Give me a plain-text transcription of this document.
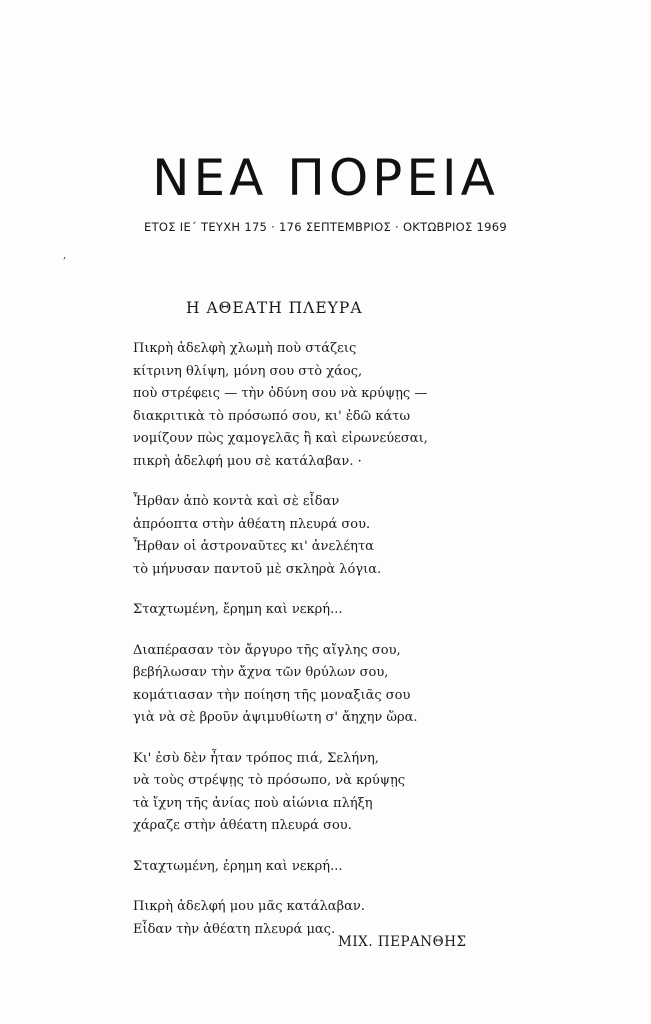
ΝΕΑ ΠΟΡΕΙΑ
ΕΤΟΣ ΙΕ΄ ΤΕΥΧΗ 175 · 176 ΣΕΠΤΕΜΒΡΙΟΣ · ΟΚΤΩΒΡΙΟΣ 1969
,
Η ΑΘΕΑΤΗ ΠΛΕΥΡΑ
Πικρὴ ἀδελφὴ χλωμὴ ποὺ στάζεις
κίτρινη θλίψη, μόνη σου στὸ χάος,
ποὺ στρέφεις — τὴν ὀδύνη σου νὰ κρύψῃς —
διακριτικὰ τὸ πρόσωπό σου, κι' ἐδῶ κάτω
νομίζουν πὼς χαμογελᾶς ἢ καὶ εἰρωνεύεσαι,
πικρὴ ἀδελφή μου σὲ κατάλαβαν. ·
Ἦρθαν ἀπὸ κοντὰ καὶ σὲ εἶδαν
ἀπρόοπτα στὴν ἀθέατη πλευρά σου.
Ἦρθαν οἱ ἀστροναῦτες κι' ἀνελέητα
τὸ μήνυσαν παντοῦ μὲ σκληρὰ λόγια.
Σταχτωμένη, ἔρημη καὶ νεκρή...
Διαπέρασαν τὸν ἄργυρο τῆς αἴγλης σου,
βεβήλωσαν τὴν ἄχνα τῶν θρύλων σου,
κομάτιασαν τὴν ποίηση τῆς μοναξιᾶς σου
γιὰ νὰ σὲ βροῦν ἀψιμυθίωτη σ' ἄηχην ὥρα.
Κι' ἐσὺ δὲν ἦταν τρόπος πιά, Σελήνη,
νὰ τοὺς στρέψῃς τὸ πρόσωπο, νὰ κρύψῃς
τὰ ἴχνη τῆς ἀνίας ποὺ αἰώνια πλήξη
χάραζε στὴν ἀθέατη πλευρά σου.
Σταχτωμένη, ἐρημη καὶ νεκρή...
Πικρὴ ἀδελφή μου μᾶς κατάλαβαν.
Εἶδαν τὴν ἀθέατη πλευρά μας.
ΜΙΧ. ΠΕΡΑΝΘΗΣ
